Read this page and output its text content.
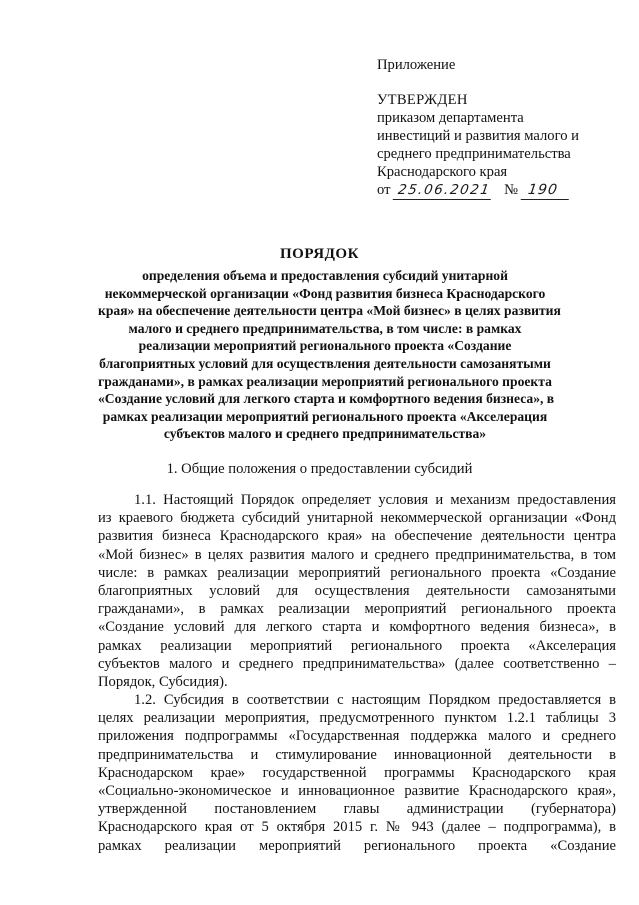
Приложение
УТВЕРЖДЕН
приказом департамента
инвестиций и развития малого и
среднего предпринимательства
Краснодарского края
от 25.06.2021 № 190
ПОРЯДОК
определения объема и предоставления субсидий унитарной
некоммерческой организации «Фонд развития бизнеса Краснодарского
края» на обеспечение деятельности центра «Мой бизнес» в целях развития
малого и среднего предпринимательства, в том числе: в рамках
реализации мероприятий регионального проекта «Создание
благоприятных условий для осуществления деятельности самозанятыми
гражданами», в рамках реализации мероприятий регионального проекта
«Создание условий для легкого старта и комфортного ведения бизнеса», в
рамках реализации мероприятий регионального проекта «Акселерация
субъектов малого и среднего предпринимательства»
1. Общие положения о предоставлении субсидий
1.1. Настоящий Порядок определяет условия и механизм предоставления
из краевого бюджета субсидий унитарной некоммерческой организации «Фонд
развития бизнеса Краснодарского края» на обеспечение деятельности центра
«Мой бизнес» в целях развития малого и среднего предпринимательства, в том
числе: в рамках реализации мероприятий регионального проекта «Создание
благоприятных условий для осуществления деятельности самозанятыми
гражданами», в рамках реализации мероприятий регионального проекта
«Создание условий для легкого старта и комфортного ведения бизнеса», в
рамках реализации мероприятий регионального проекта «Акселерация
субъектов малого и среднего предпринимательства» (далее соответственно –
Порядок, Субсидия).
1.2. Субсидия в соответствии с настоящим Порядком предоставляется в
целях реализации мероприятия, предусмотренного пунктом 1.2.1 таблицы 3
приложения подпрограммы «Государственная поддержка малого и среднего
предпринимательства и стимулирование инновационной деятельности в
Краснодарском крае» государственной программы Краснодарского края
«Социально-экономическое и инновационное развитие Краснодарского края»,
утвержденной постановлением главы администрации (губернатора)
Краснодарского края от 5 октября 2015 г. № 943 (далее – подпрограмма), в
рамках реализации мероприятий регионального проекта «Создание
